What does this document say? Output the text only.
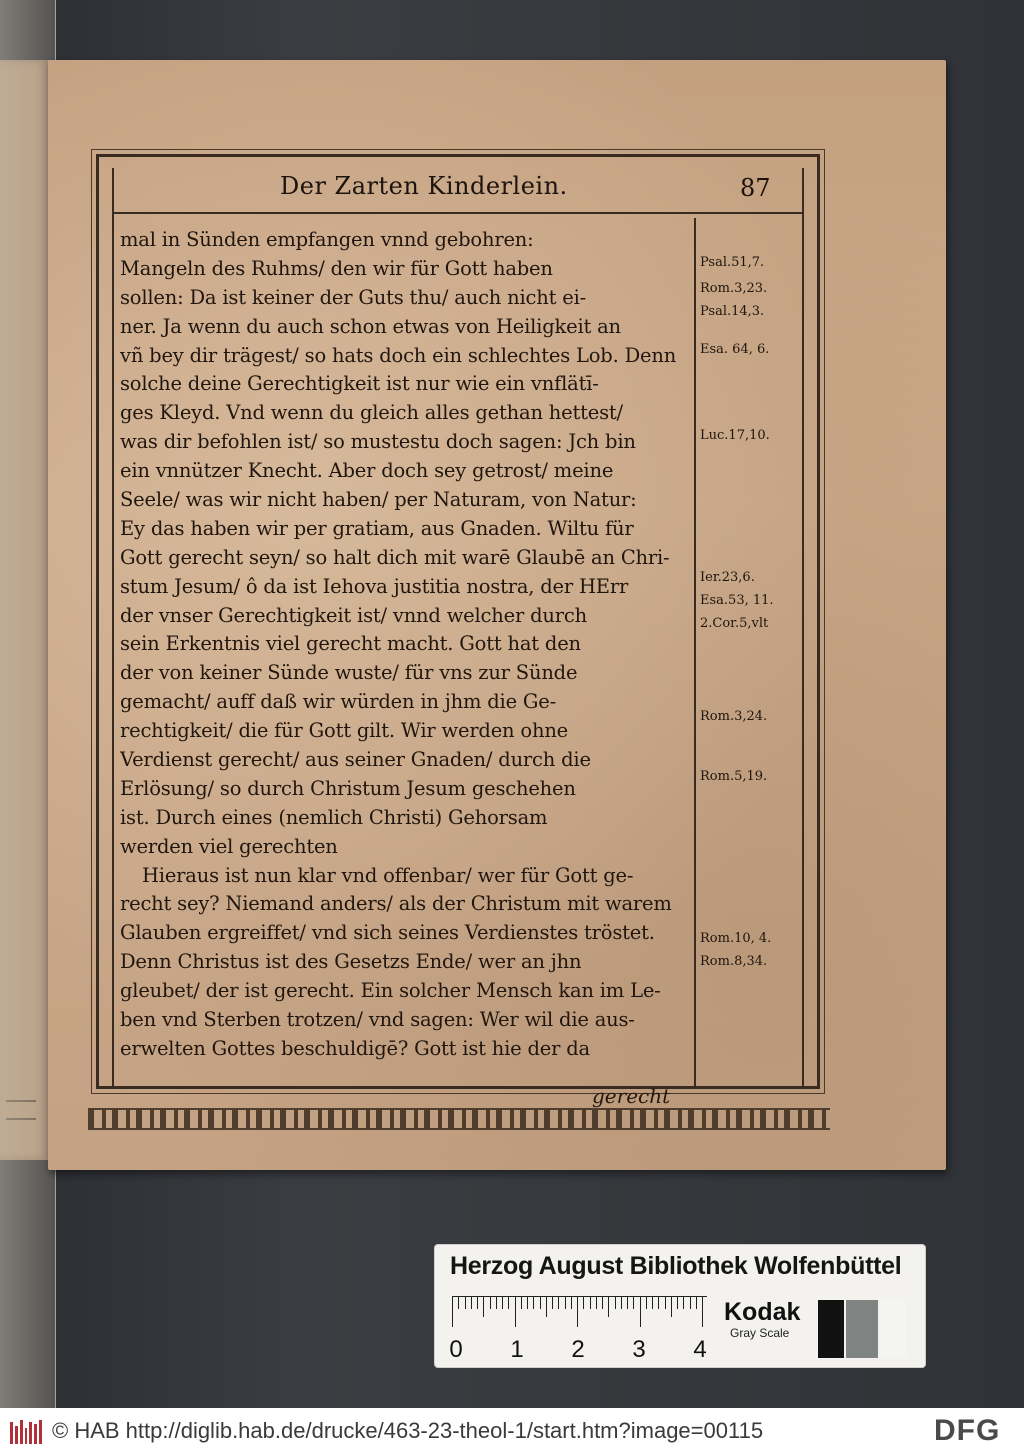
Der Zarten Kinderlein.	87
mal in Sünden empfangen vnnd gebohren:
Mangeln des Ruhms/ den wir für Gott haben
sollen: Da ist keiner der Guts thu/ auch nicht ei-
ner. Ja wenn du auch schon etwas von Heiligkeit an
vñ bey dir trägest/ so hats doch ein schlechtes Lob. Denn
solche deine Gerechtigkeit ist nur wie ein vnflätī-
ges Kleyd. Vnd wenn du gleich alles gethan hettest/
was dir befohlen ist/ so mustestu doch sagen: Jch bin
ein vnnützer Knecht. Aber doch sey getrost/ meine
Seele/ was wir nicht haben/ per Naturam, von Natur:
Ey das haben wir per gratiam, aus Gnaden. Wiltu für
Gott gerecht seyn/ so halt dich mit warē Glaubē an Chri-
stum Jesum/ ô da ist Iehova justitia nostra, der HErr
der vnser Gerechtigkeit ist/ vnnd welcher durch
sein Erkentnis viel gerecht macht. Gott hat den
der von keiner Sünde wuste/ für vns zur Sünde
gemacht/ auff daß wir würden in jhm die Ge-
rechtigkeit/ die für Gott gilt. Wir werden ohne
Verdienst gerecht/ aus seiner Gnaden/ durch die
Erlösung/ so durch Christum Jesum geschehen
ist. Durch eines (nemlich Christi) Gehorsam
werden viel gerechten
Hieraus ist nun klar vnd offenbar/ wer für Gott ge-
recht sey? Niemand anders/ als der Christum mit warem
Glauben ergreiffet/ vnd sich seines Verdienstes tröstet.
Denn Christus ist des Gesetzs Ende/ wer an jhn
gleubet/ der ist gerecht. Ein solcher Mensch kan im Le-
ben vnd Sterben trotzen/ vnd sagen: Wer wil die aus-
erwelten Gottes beschuldigē? Gott ist hie der da
Psal.51,7.
Rom.3,23.
Psal.14,3.
Esa. 64, 6.
Luc.17,10.
Ier.23,6.
Esa.53, 11.
2.Cor.5,vlt
Rom.3,24.
Rom.5,19.
Rom.10, 4.
Rom.8,34.
gerecht
Herzog August Bibliothek Wolfenbüttel
0 1 2 3 4
Kodak
Gray Scale
© HAB http://diglib.hab.de/drucke/463-23-theol-1/start.htm?image=00115	DFG
